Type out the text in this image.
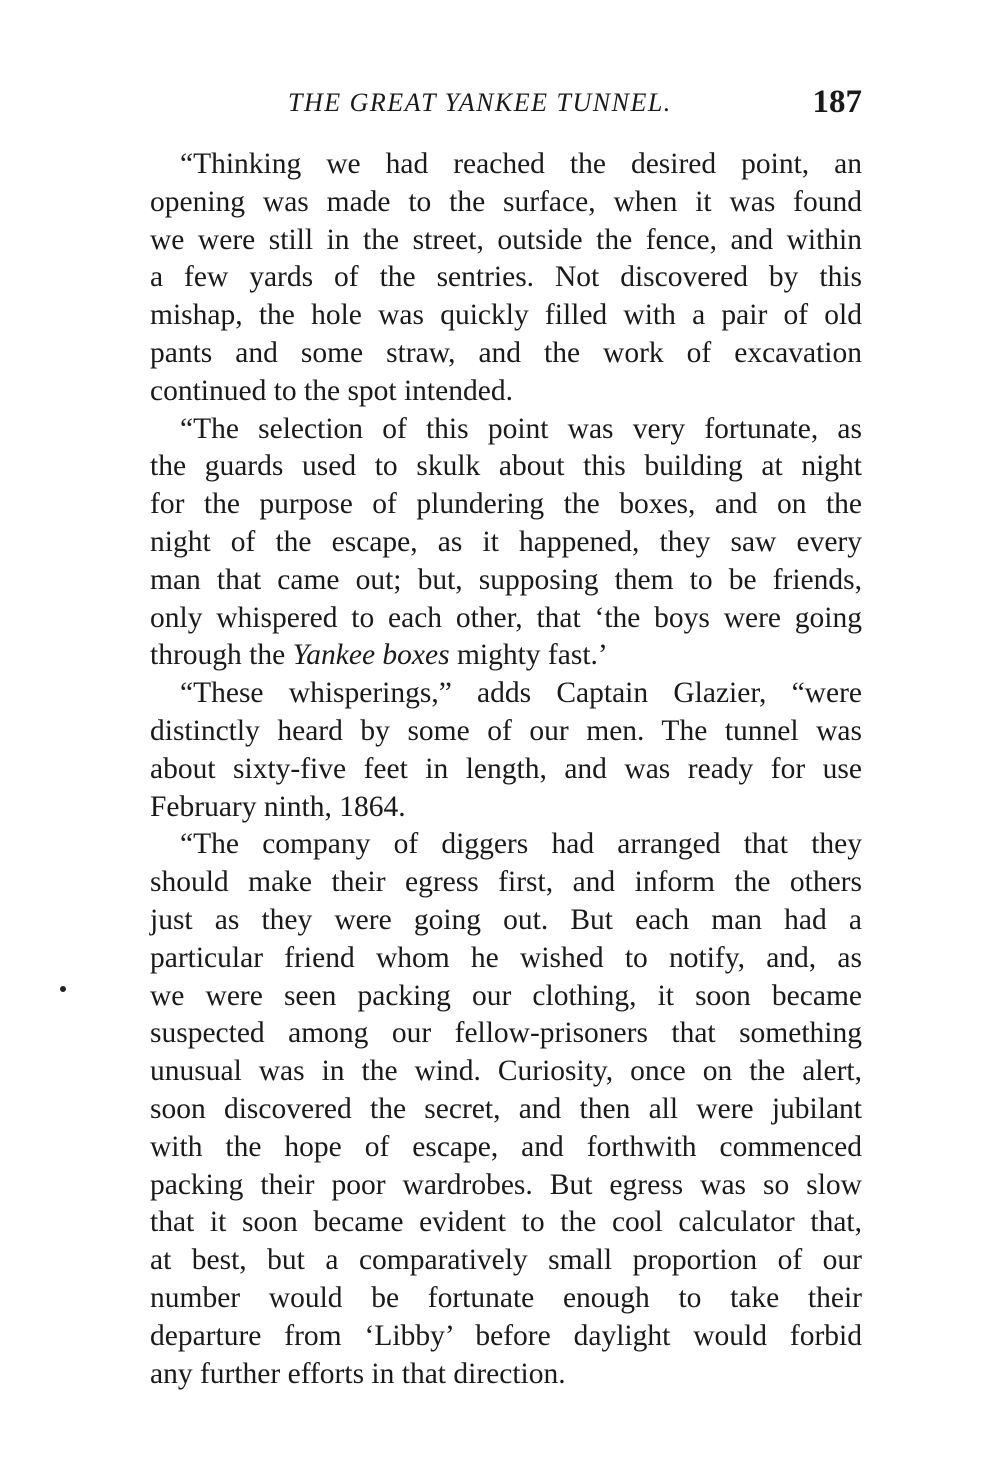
THE GREAT YANKEE TUNNEL.	187
“Thinking we had reached the desired point, an
opening was made to the surface, when it was found
we were still in the street, outside the fence, and within
a few yards of the sentries. Not discovered by this
mishap, the hole was quickly filled with a pair of old
pants and some straw, and the work of excavation
continued to the spot intended.
“The selection of this point was very fortunate, as
the guards used to skulk about this building at night
for the purpose of plundering the boxes, and on the
night of the escape, as it happened, they saw every
man that came out; but, supposing them to be friends,
only whispered to each other, that ‘the boys were going
through the Yankee boxes mighty fast.’
“These whisperings,” adds Captain Glazier, “were
distinctly heard by some of our men. The tunnel was
about sixty-five feet in length, and was ready for use
February ninth, 1864.
“The company of diggers had arranged that they
should make their egress first, and inform the others
just as they were going out. But each man had a
particular friend whom he wished to notify, and, as
we were seen packing our clothing, it soon became
suspected among our fellow-prisoners that something
unusual was in the wind. Curiosity, once on the alert,
soon discovered the secret, and then all were jubilant
with the hope of escape, and forthwith commenced
packing their poor wardrobes. But egress was so slow
that it soon became evident to the cool calculator that,
at best, but a comparatively small proportion of our
number would be fortunate enough to take their
departure from ‘Libby’ before daylight would forbid
any further efforts in that direction.
